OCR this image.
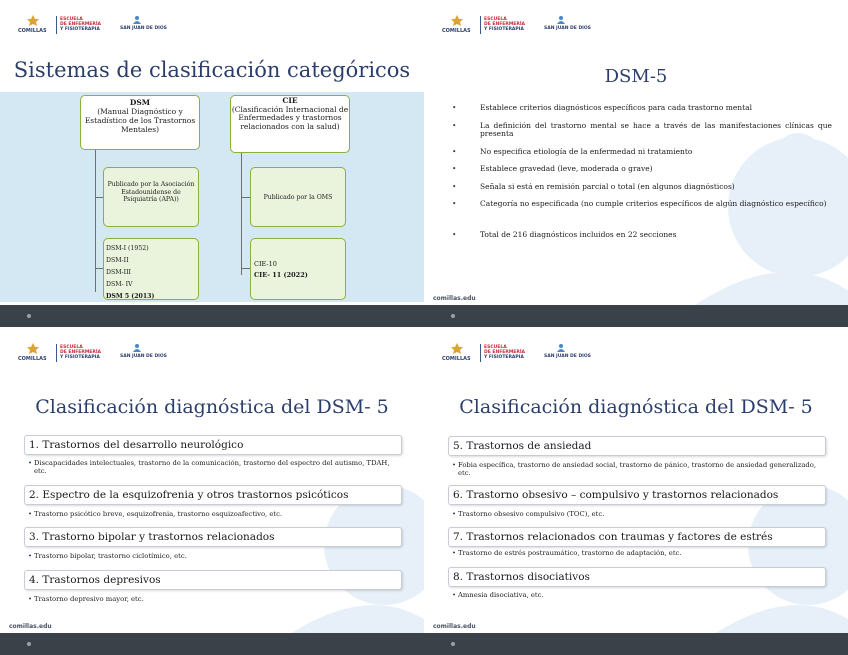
COMILLAS
ESCUELA
DE ENFERMERÍA
Y FISIOTERAPIA	SAN JUAN DE DIOS
Sistemas de clasificación categóricos
DSM
(Manual Diagnóstico y Estadístico de los Trastornos Mentales)
Publicado por la Asociación Estadounidense de Psiquiatría (APA))
DSM-I (1952)
DSM-II
DSM-III
DSM- IV
DSM 5 (2013)
CIE
(Clasificación Internacional de Enfermedades y trastornos relacionados con la salud)
Publicado por la OMS
CIE-10
CIE- 11 (2022)
COMILLAS
ESCUELA
DE ENFERMERÍA
Y FISIOTERAPIA	SAN JUAN DE DIOS
DSM-5
• Establece criterios diagnósticos específicos para cada trastorno mental
• La definición del trastorno mental se hace a través de las manifestaciones clínicas que presenta
• No especifica etiología de la enfermedad ni tratamiento
• Establece gravedad (leve, moderada o grave)
• Señala si está en remisión parcial o total (en algunos diagnósticos)
• Categoría no especificada (no cumple criterios específicos de algún diagnóstico específico)
• Total de 216 diagnósticos incluidos en 22 secciones
comillas.edu
COMILLAS
ESCUELA
DE ENFERMERÍA
Y FISIOTERAPIA	SAN JUAN DE DIOS
Clasificación diagnóstica del DSM- 5
1. Trastornos del desarrollo neurológico
• Discapacidades intelectuales, trastorno de la comunicación, trastorno del espectro del autismo, TDAH, etc.
2. Espectro de la esquizofrenia y otros trastornos psicóticos
• Trastorno psicótico breve, esquizofrenia, trastorno esquizoafectivo, etc.
3. Trastorno bipolar y trastornos relacionados
• Trastorno bipolar, trastorno ciclotímico, etc.
4. Trastornos depresivos
• Trastorno depresivo mayor, etc.
comillas.edu
COMILLAS
ESCUELA
DE ENFERMERÍA
Y FISIOTERAPIA	SAN JUAN DE DIOS
Clasificación diagnóstica del DSM- 5
5. Trastornos de ansiedad
• Fobia específica, trastorno de ansiedad social, trastorno de pánico, trastorno de ansiedad generalizado, etc.
6. Trastorno obsesivo – compulsivo y trastornos relacionados
• Trastorno obsesivo compulsivo (TOC), etc.
7. Trastornos relacionados con traumas y factores de estrés
• Trastorno de estrés postraumático, trastorno de adaptación, etc.
8. Trastornos disociativos
• Amnesia disociativa, etc.
comillas.edu
